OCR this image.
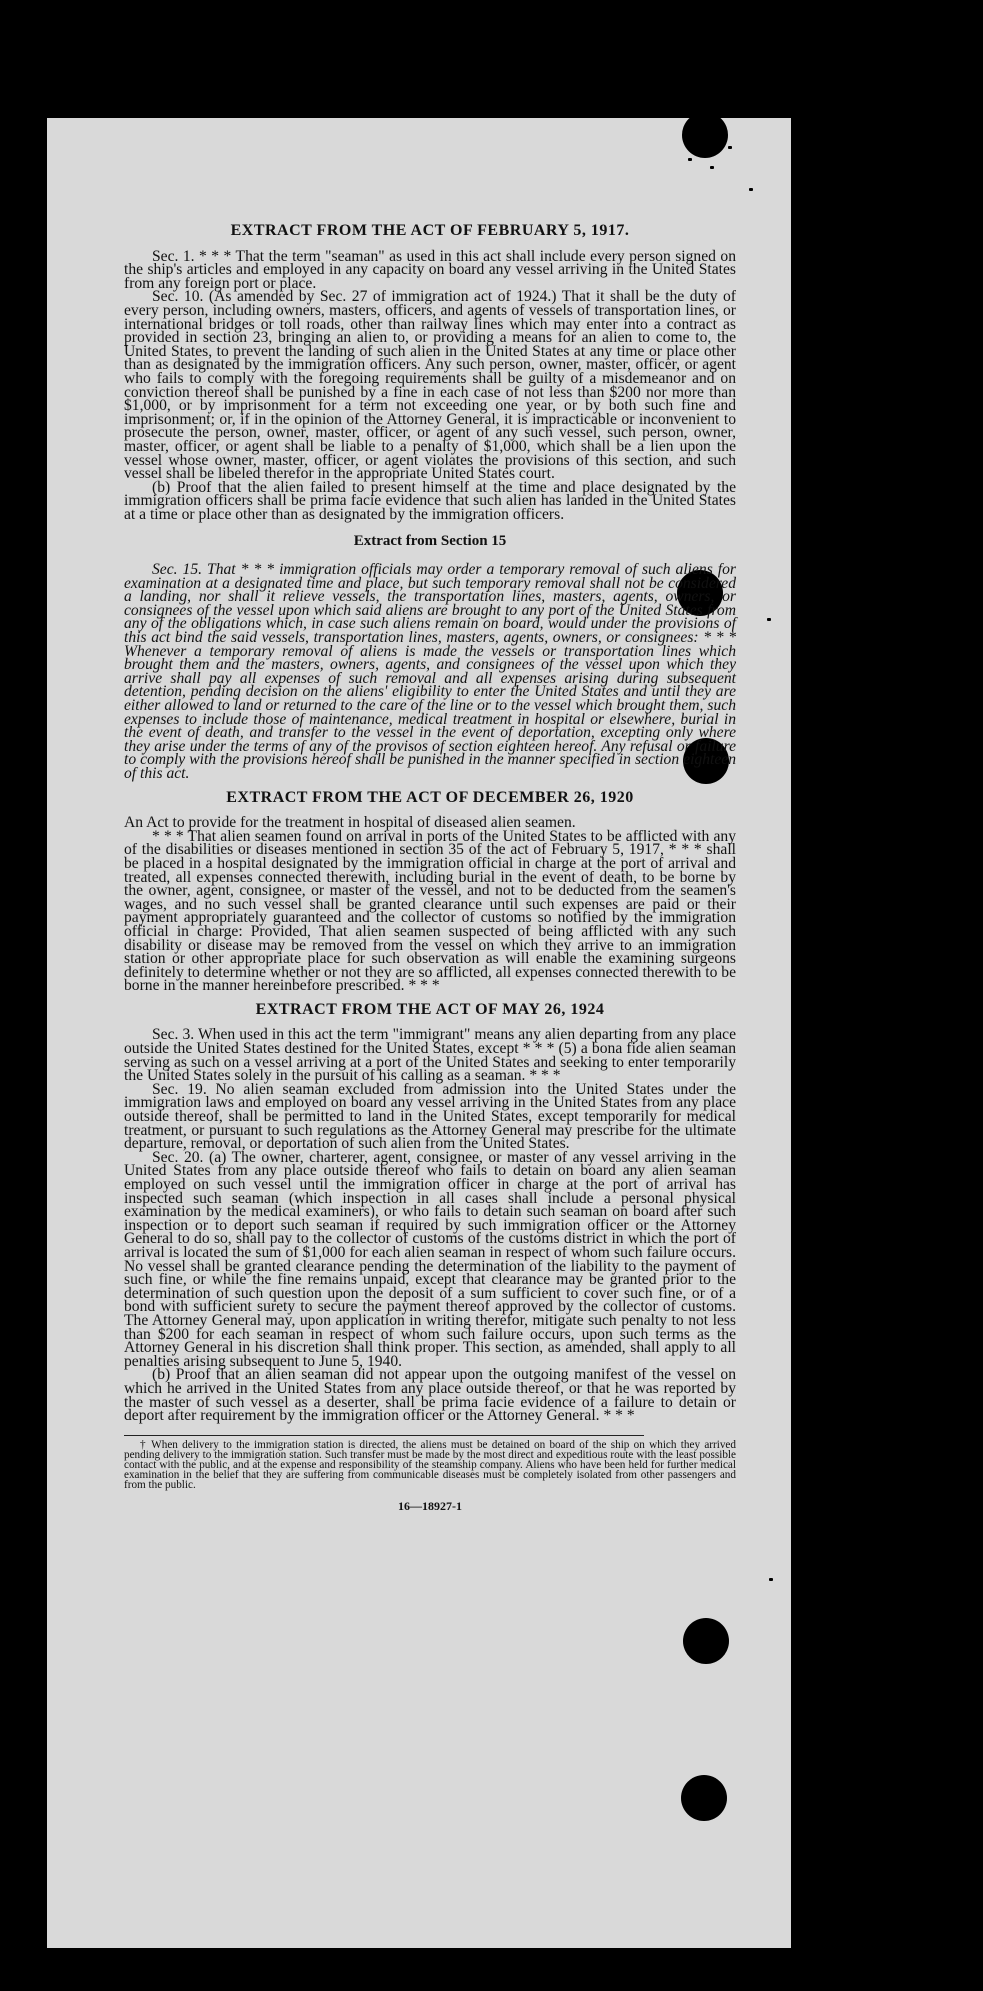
EXTRACT FROM THE ACT OF FEBRUARY 5, 1917.

Sec. 1. * * * That the term "seaman" as used in this act shall include every person signed on the ship's articles and employed in any capacity on board any vessel arriving in the United States from any foreign port or place.

Sec. 10. (As amended by Sec. 27 of immigration act of 1924.) That it shall be the duty of every person, including owners, masters, officers, and agents of vessels of transportation lines, or international bridges or toll roads, other than railway lines which may enter into a contract as provided in section 23, bringing an alien to, or providing a means for an alien to come to, the United States, to prevent the landing of such alien in the United States at any time or place other than as designated by the immigration officers. Any such person, owner, master, officer, or agent who fails to comply with the foregoing requirements shall be guilty of a misdemeanor and on conviction thereof shall be punished by a fine in each case of not less than $200 nor more than $1,000, or by imprisonment for a term not exceeding one year, or by both such fine and imprisonment; or, if in the opinion of the Attorney General, it is impracticable or inconvenient to prosecute the person, owner, master, officer, or agent of any such vessel, such person, owner, master, officer, or agent shall be liable to a penalty of $1,000, which shall be a lien upon the vessel whose owner, master, officer, or agent violates the provisions of this section, and such vessel shall be libeled therefor in the appropriate United States court.

(b) Proof that the alien failed to present himself at the time and place designated by the immigration officers shall be prima facie evidence that such alien has landed in the United States at a time or place other than as designated by the immigration officers.

Extract from Section 15

Sec. 15. That * * * immigration officials may order a temporary removal of such aliens for examination at a designated time and place, but such temporary removal shall not be considered a landing, nor shall it relieve vessels, the transportation lines, masters, agents, owners, or consignees of the vessel upon which said aliens are brought to any port of the United States from any of the obligations which, in case such aliens remain on board, would under the provisions of this act bind the said vessels, transportation lines, masters, agents, owners, or consignees: * * * Whenever a temporary removal of aliens is made the vessels or transportation lines which brought them and the masters, owners, agents, and consignees of the vessel upon which they arrive shall pay all expenses of such removal and all expenses arising during subsequent detention, pending decision on the aliens' eligibility to enter the United States and until they are either allowed to land or returned to the care of the line or to the vessel which brought them, such expenses to include those of maintenance, medical treatment in hospital or elsewhere, burial in the event of death, and transfer to the vessel in the event of deportation, excepting only where they arise under the terms of any of the provisos of section eighteen hereof. Any refusal or failure to comply with the provisions hereof shall be punished in the manner specified in section eighteen of this act.

EXTRACT FROM THE ACT OF DECEMBER 26, 1920

An Act to provide for the treatment in hospital of diseased alien seamen.

* * * That alien seamen found on arrival in ports of the United States to be afflicted with any of the disabilities or diseases mentioned in section 35 of the act of February 5, 1917, * * * shall be placed in a hospital designated by the immigration official in charge at the port of arrival and treated, all expenses connected therewith, including burial in the event of death, to be borne by the owner, agent, consignee, or master of the vessel, and not to be deducted from the seamen's wages, and no such vessel shall be granted clearance until such expenses are paid or their payment appropriately guaranteed and the collector of customs so notified by the immigration official in charge: Provided, That alien seamen suspected of being afflicted with any such disability or disease may be removed from the vessel on which they arrive to an immigration station or other appropriate place for such observation as will enable the examining surgeons definitely to determine whether or not they are so afflicted, all expenses connected therewith to be borne in the manner hereinbefore prescribed. * * *

EXTRACT FROM THE ACT OF MAY 26, 1924

Sec. 3. When used in this act the term "immigrant" means any alien departing from any place outside the United States destined for the United States, except * * * (5) a bona fide alien seaman serving as such on a vessel arriving at a port of the United States and seeking to enter temporarily the United States solely in the pursuit of his calling as a seaman. * * *

Sec. 19. No alien seaman excluded from admission into the United States under the immigration laws and employed on board any vessel arriving in the United States from any place outside thereof, shall be permitted to land in the United States, except temporarily for medical treatment, or pursuant to such regulations as the Attorney General may prescribe for the ultimate departure, removal, or deportation of such alien from the United States.

Sec. 20. (a) The owner, charterer, agent, consignee, or master of any vessel arriving in the United States from any place outside thereof who fails to detain on board any alien seaman employed on such vessel until the immigration officer in charge at the port of arrival has inspected such seaman (which inspection in all cases shall include a personal physical examination by the medical examiners), or who fails to detain such seaman on board after such inspection or to deport such seaman if required by such immigration officer or the Attorney General to do so, shall pay to the collector of customs of the customs district in which the port of arrival is located the sum of $1,000 for each alien seaman in respect of whom such failure occurs. No vessel shall be granted clearance pending the determination of the liability to the payment of such fine, or while the fine remains unpaid, except that clearance may be granted prior to the determination of such question upon the deposit of a sum sufficient to cover such fine, or of a bond with sufficient surety to secure the payment thereof approved by the collector of customs. The Attorney General may, upon application in writing therefor, mitigate such penalty to not less than $200 for each seaman in respect of whom such failure occurs, upon such terms as the Attorney General in his discretion shall think proper. This section, as amended, shall apply to all penalties arising subsequent to June 5, 1940.

(b) Proof that an alien seaman did not appear upon the outgoing manifest of the vessel on which he arrived in the United States from any place outside thereof, or that he was reported by the master of such vessel as a deserter, shall be prima facie evidence of a failure to detain or deport after requirement by the immigration officer or the Attorney General. * * *

† When delivery to the immigration station is directed, the aliens must be detained on board of the ship on which they arrived pending delivery to the immigration station. Such transfer must be made by the most direct and expeditious route with the least possible contact with the public, and at the expense and responsibility of the steamship company. Aliens who have been held for further medical examination in the belief that they are suffering from communicable diseases must be completely isolated from other passengers and from the public.

16—18927-1
